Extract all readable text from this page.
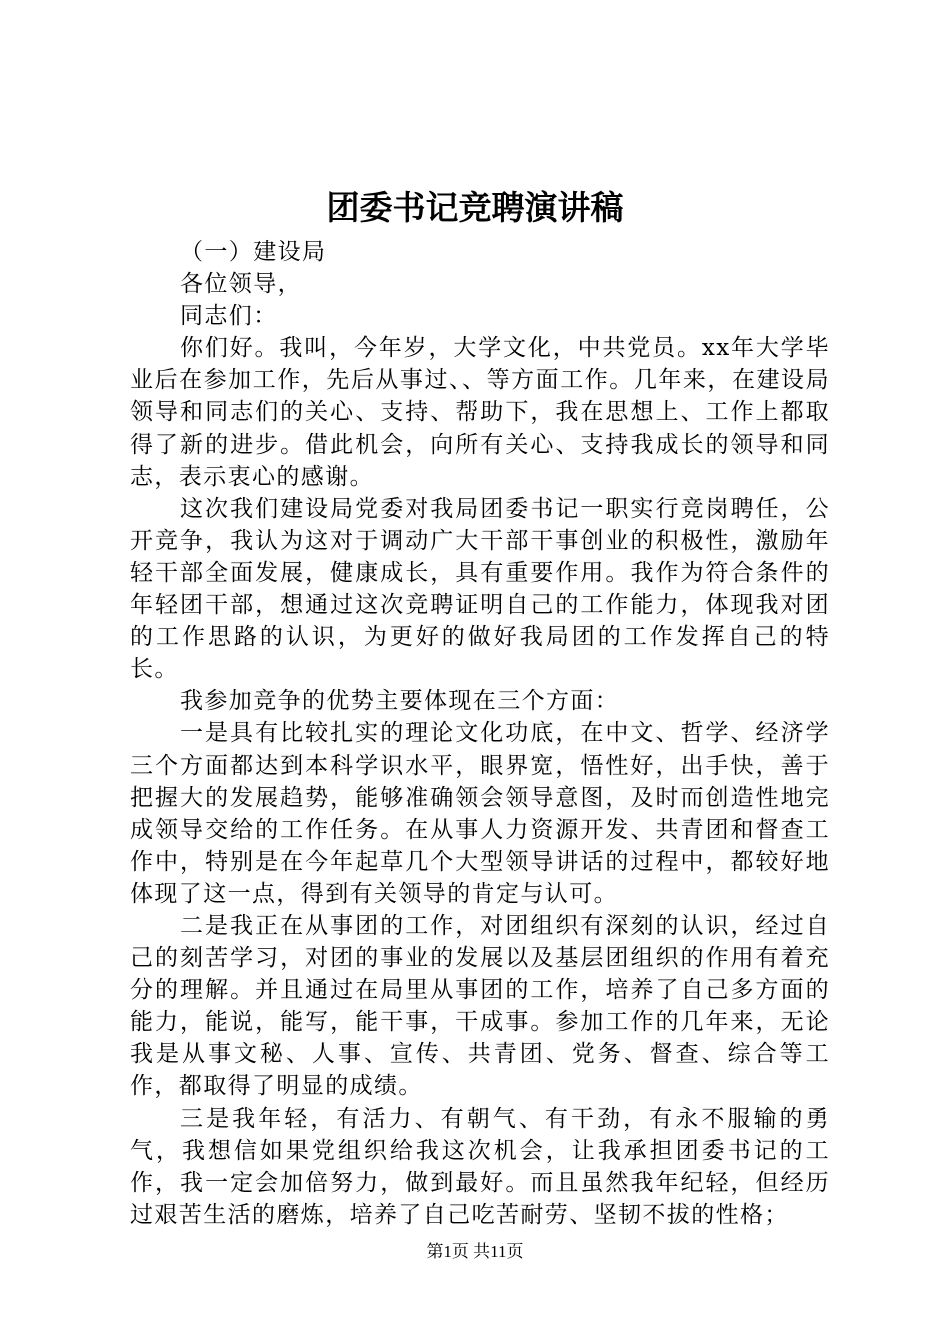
团委书记竞聘演讲稿

（一）建设局

各位领导，

同志们：

你们好。我叫，今年岁，大学文化，中共党员。xx年大学毕业后在参加工作，先后从事过、、等方面工作。几年来，在建设局领导和同志们的关心、支持、帮助下，我在思想上、工作上都取得了新的进步。借此机会，向所有关心、支持我成长的领导和同志，表示衷心的感谢。

这次我们建设局党委对我局团委书记一职实行竞岗聘任，公开竞争，我认为这对于调动广大干部干事创业的积极性，激励年轻干部全面发展，健康成长，具有重要作用。我作为符合条件的年轻团干部，想通过这次竞聘证明自己的工作能力，体现我对团的工作思路的认识，为更好的做好我局团的工作发挥自己的特长。

我参加竞争的优势主要体现在三个方面：

一是具有比较扎实的理论文化功底，在中文、哲学、经济学三个方面都达到本科学识水平，眼界宽，悟性好，出手快，善于把握大的发展趋势，能够准确领会领导意图，及时而创造性地完成领导交给的工作任务。在从事人力资源开发、共青团和督查工作中，特别是在今年起草几个大型领导讲话的过程中，都较好地体现了这一点，得到有关领导的肯定与认可。

二是我正在从事团的工作，对团组织有深刻的认识，经过自己的刻苦学习，对团的事业的发展以及基层团组织的作用有着充分的理解。并且通过在局里从事团的工作，培养了自己多方面的能力，能说，能写，能干事，干成事。参加工作的几年来，无论我是从事文秘、人事、宣传、共青团、党务、督查、综合等工作，都取得了明显的成绩。

三是我年轻，有活力、有朝气、有干劲，有永不服输的勇气，我想信如果党组织给我这次机会，让我承担团委书记的工作，我一定会加倍努力，做到最好。而且虽然我年纪轻，但经历过艰苦生活的磨炼，培养了自己吃苦耐劳、坚韧不拔的性格；

第1页 共11页
